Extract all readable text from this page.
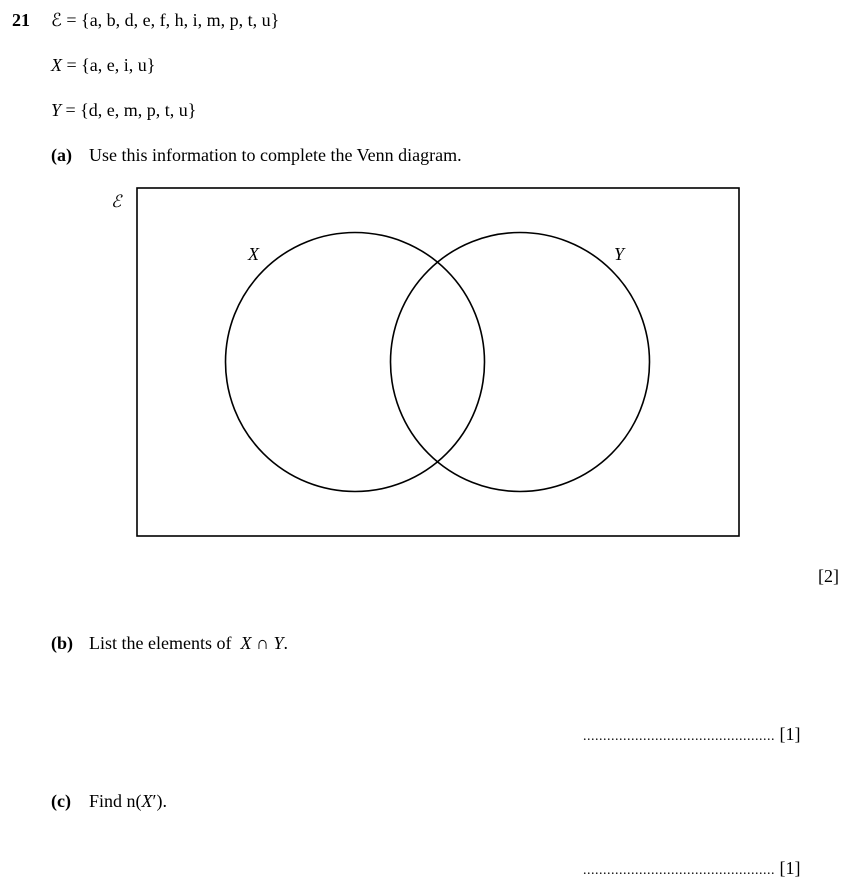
21 ℰ = {a, b, d, e, f, h, i, m, p, t, u}
X = {a, e, i, u}
Y = {d, e, m, p, t, u}
(a) Use this information to complete the Venn diagram.
ℰ
X	Y
[2]
(b) List the elements of X ∩ Y.
................................................ [1]
(c) Find n(X′).
................................................ [1]
